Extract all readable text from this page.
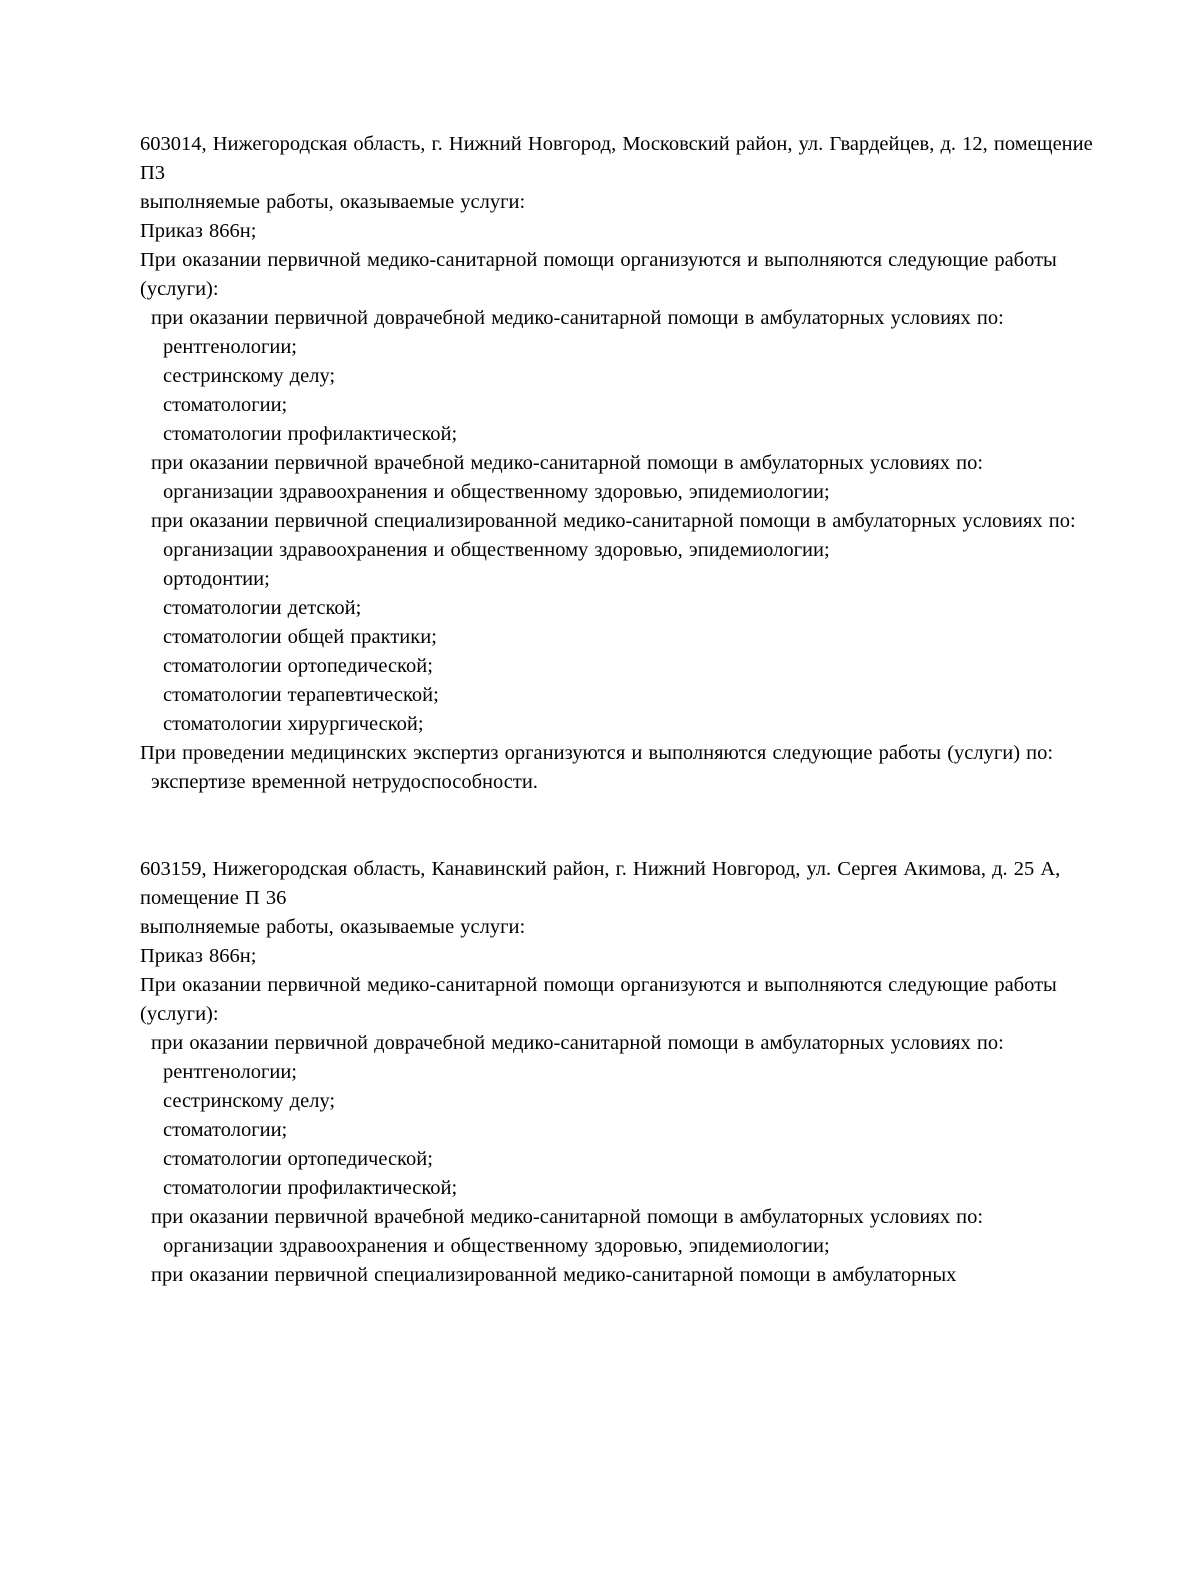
603014, Нижегородская область, г. Нижний Новгород, Московский район, ул. Гвардейцев, д. 12, помещение П3

выполняемые работы, оказываемые услуги:

Приказ 866н;

При оказании первичной медико-санитарной помощи организуются и выполняются следующие работы (услуги):

при оказании первичной доврачебной медико-санитарной помощи в амбулаторных условиях по:

рентгенологии;

сестринскому делу;

стоматологии;

стоматологии профилактической;

при оказании первичной врачебной медико-санитарной помощи в амбулаторных условиях по:

организации здравоохранения и общественному здоровью, эпидемиологии;

при оказании первичной специализированной медико-санитарной помощи в амбулаторных условиях по:

организации здравоохранения и общественному здоровью, эпидемиологии;

ортодонтии;

стоматологии детской;

стоматологии общей практики;

стоматологии ортопедической;

стоматологии терапевтической;

стоматологии хирургической;

При проведении медицинских экспертиз организуются и выполняются следующие работы (услуги) по:

экспертизе временной нетрудоспособности.

603159, Нижегородская область, Канавинский район, г. Нижний Новгород, ул. Сергея Акимова, д. 25 А, помещение П 36

выполняемые работы, оказываемые услуги:

Приказ 866н;

При оказании первичной медико-санитарной помощи организуются и выполняются следующие работы (услуги):

при оказании первичной доврачебной медико-санитарной помощи в амбулаторных условиях по:

рентгенологии;

сестринскому делу;

стоматологии;

стоматологии ортопедической;

стоматологии профилактической;

при оказании первичной врачебной медико-санитарной помощи в амбулаторных условиях по:

организации здравоохранения и общественному здоровью, эпидемиологии;

при оказании первичной специализированной медико-санитарной помощи в амбулаторных
